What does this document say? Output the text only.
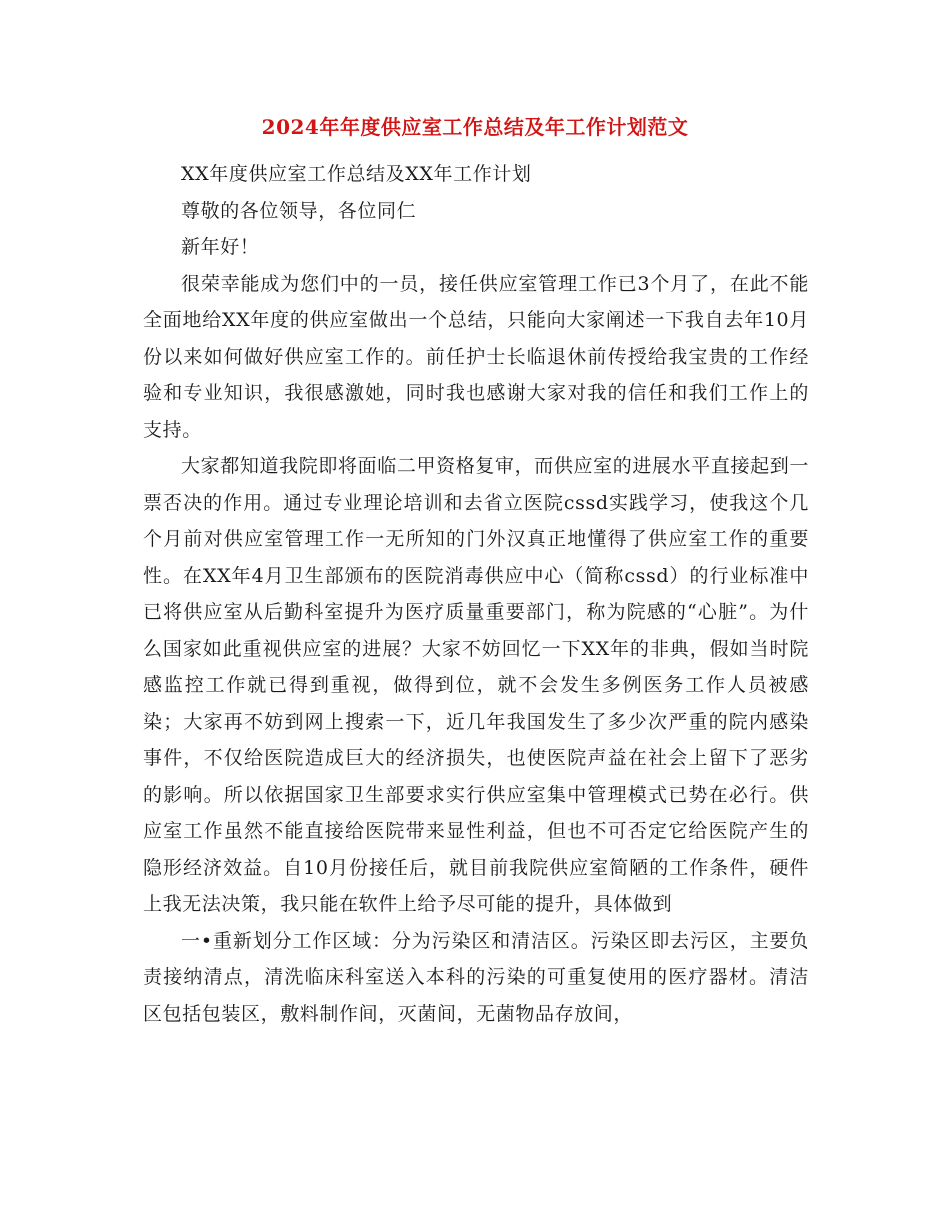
2024年年度供应室工作总结及年工作计划范文

XX年度供应室工作总结及XX年工作计划

尊敬的各位领导，各位同仁

新年好！

很荣幸能成为您们中的一员，接任供应室管理工作已3个月了，在此不能全面地给XX年度的供应室做出一个总结，只能向大家阐述一下我自去年10月份以来如何做好供应室工作的。前任护士长临退休前传授给我宝贵的工作经验和专业知识，我很感激她，同时我也感谢大家对我的信任和我们工作上的支持。

大家都知道我院即将面临二甲资格复审，而供应室的进展水平直接起到一票否决的作用。通过专业理论培训和去省立医院cssd实践学习，使我这个几个月前对供应室管理工作一无所知的门外汉真正地懂得了供应室工作的重要性。在XX年4月卫生部颁布的医院消毒供应中心（简称cssd）的行业标准中已将供应室从后勤科室提升为医疗质量重要部门，称为院感的“心脏”。为什么国家如此重视供应室的进展？大家不妨回忆一下XX年的非典，假如当时院感监控工作就已得到重视，做得到位，就不会发生多例医务工作人员被感染；大家再不妨到网上搜索一下，近几年我国发生了多少次严重的院内感染事件，不仅给医院造成巨大的经济损失，也使医院声益在社会上留下了恶劣的影响。所以依据国家卫生部要求实行供应室集中管理模式已势在必行。供应室工作虽然不能直接给医院带来显性利益，但也不可否定它给医院产生的隐形经济效益。自10月份接任后，就目前我院供应室简陋的工作条件，硬件上我无法决策，我只能在软件上给予尽可能的提升，具体做到

一•重新划分工作区域：分为污染区和清洁区。污染区即去污区，主要负责接纳清点，清洗临床科室送入本科的污染的可重复使用的医疗器材。清洁区包括包装区，敷料制作间，灭菌间，无菌物品存放间，
